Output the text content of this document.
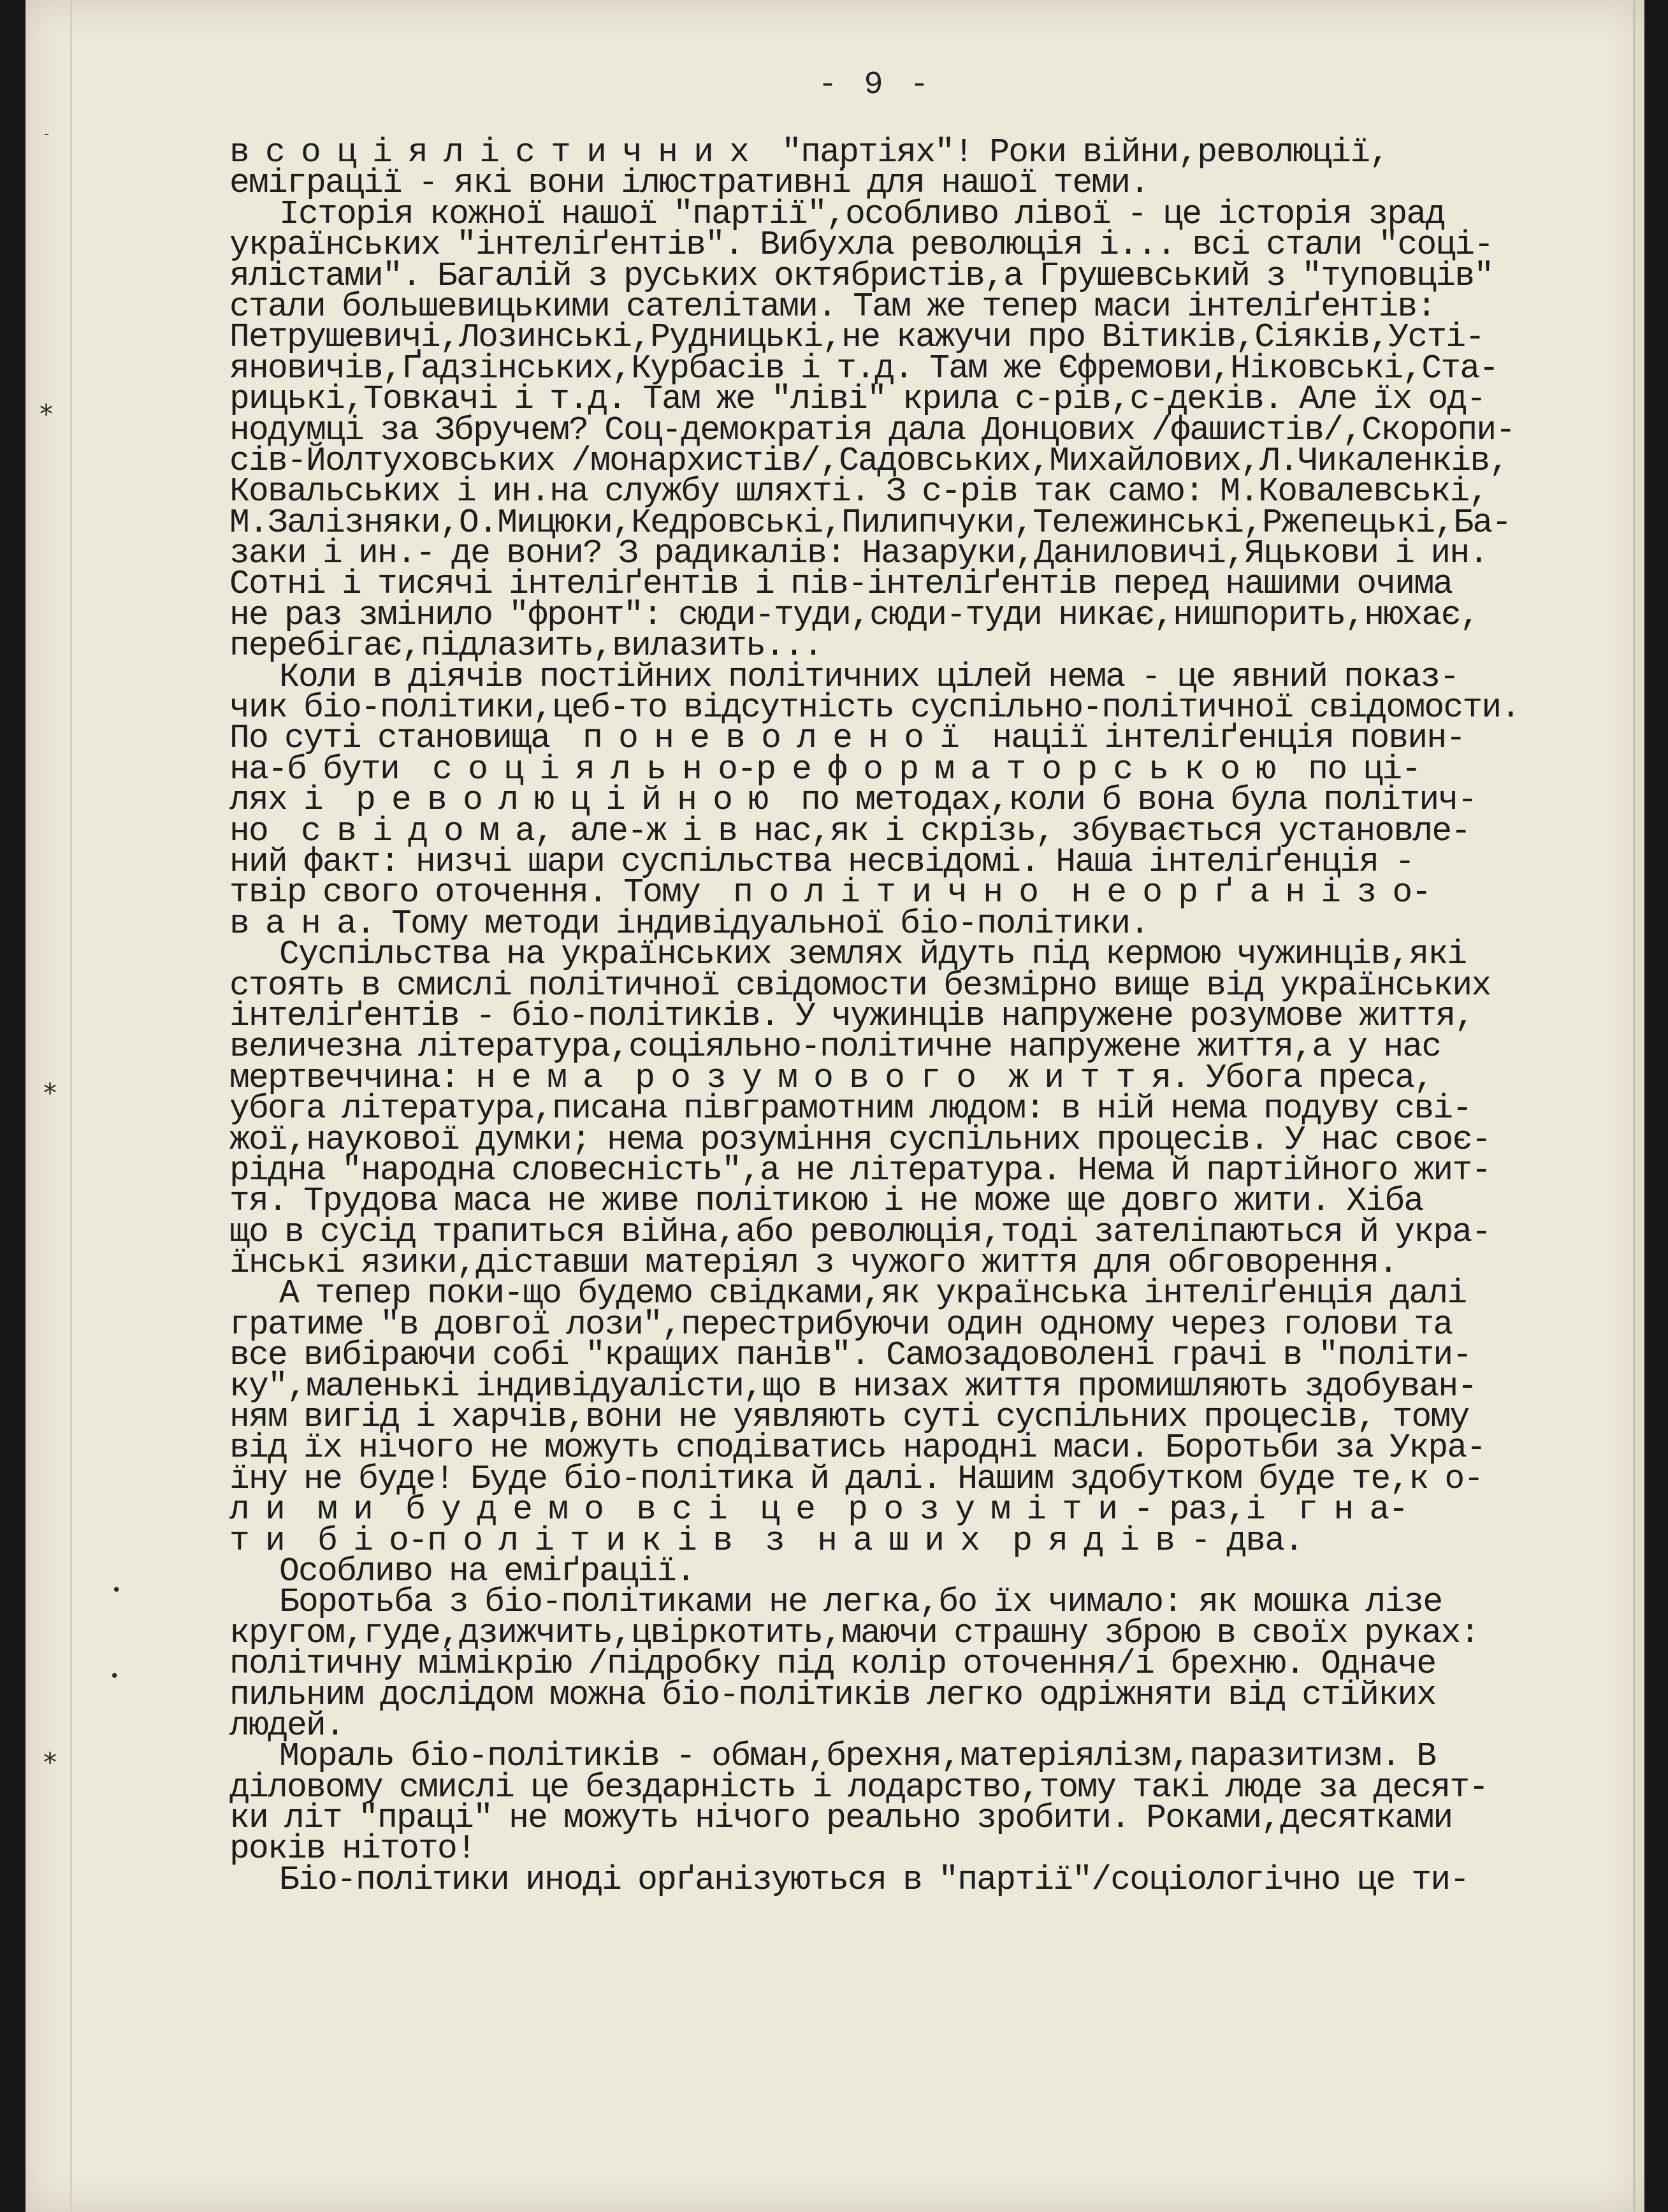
*
*
*
•
•
- 9 -
в с о ц і я л і с т и ч н и х  "партіях"! Роки війни,революції,
еміграції - які вони ілюстративні для нашої теми.
Історія кожної нашої "партії",особливо лівої - це історія зрад
українських "інтеліґентів". Вибухла революція і... всі стали "соці-
ялістами". Багалій з руських октябристів,а Грушевський з "туповців"
стали большевицькими сателітами. Там же тепер маси інтеліґентів:
Петрушевичі,Лозинські,Рудницькі,не кажучи про Вітиків,Сіяків,Усті-
яновичів,Ґадзінських,Курбасів і т.д. Там же Єфремови,Ніковські,Ста-
рицькі,Товкачі і т.д. Там же "ліві" крила с-рів,с-деків. Але їх од-
нодумці за Збручем? Соц-демократія дала Донцових /фашистів/,Скоропи-
сів-Йолтуховських /монархистів/,Садовських,Михайлових,Л.Чикаленків,
Ковальських і ин.на службу шляхті. З с-рів так само: М.Ковалевські,
М.Залізняки,О.Мицюки,Кедровські,Пилипчуки,Тележинські,Ржепецькі,Ба-
заки і ин.- де вони? З радикалів: Назаруки,Даниловичі,Яцькови і ин.
Сотні і тисячі інтеліґентів і пів-інтеліґентів перед нашими очима
не раз змінило "фронт": сюди-туди,сюди-туди никає,нишпорить,нюхає,
перебігає,підлазить,вилазить...
Коли в діячів постійних політичних цілей нема - це явний показ-
чик біо-політики,цеб-то відсутність суспільно-політичної свідомости.
По суті становища  п о н е в о л е н о ї  нації інтеліґенція повин-
на-б бути  с о ц і я л ь н о-р е ф о р м а т о р с ь к о ю  по ці-
лях і  р е в о л ю ц і й н о ю  по методах,коли б вона була політич-
но  с в і д о м а, але-ж і в нас,як і скрізь, збувається установле-
ний факт: низчі шари суспільства несвідомі. Наша інтеліґенція -
твір свого оточення. Тому  п о л і т и ч н о  н е о р ґ а н і з о-
в а н а. Тому методи індивідуальної біо-політики.
Суспільства на українських землях йдуть під кермою чужинців,які
стоять в смислі політичної свідомости безмірно вище від українських
інтеліґентів - біо-політиків. У чужинців напружене розумове життя,
величезна література,соціяльно-політичне напружене життя,а у нас
мертвеччина: н е м а  р о з у м о в о г о  ж и т т я. Убога преса,
убога література,писана півграмотним людом: в ній нема подуву сві-
жої,наукової думки; нема розуміння суспільних процесів. У нас своє-
рідна "народна словесність",а не література. Нема й партійного жит-
тя. Трудова маса не живе політикою і не може ще довго жити. Хіба
що в сусід трапиться війна,або революція,тоді зателіпаються й укра-
їнські язики,діставши матеріял з чужого життя для обговорення.
А тепер поки-що будемо свідками,як українська інтеліґенція далі
гратиме "в довгої лози",перестрибуючи один одному через голови та
все вибіраючи собі "кращих панів". Самозадоволені грачі в "політи-
ку",маленькі індивідуалісти,що в низах життя промишляють здобуван-
ням вигід і харчів,вони не уявляють суті суспільних процесів, тому
від їх нічого не можуть сподіватись народні маси. Боротьби за Укра-
їну не буде! Буде біо-політика й далі. Нашим здобутком буде те,к о-
л и  м и  б у д е м о  в с і  ц е  р о з у м і т и - раз,і  г н а-
т и  б і о-п о л і т и к і в  з  н а ш и х  р я д і в - два.
Особливо на еміґрації.
Боротьба з біо-політиками не легка,бо їх чимало: як мошка лізе
кругом,гуде,дзижчить,цвіркотить,маючи страшну зброю в своїх руках:
політичну мімікрію /підробку під колір оточення/і брехню. Одначе
пильним дослідом можна біо-політиків легко одріжняти від стійких
людей.
Мораль біо-політиків - обман,брехня,матеріялізм,паразитизм. В
діловому смислі це бездарність і лодарство,тому такі люде за десят-
ки літ "праці" не можуть нічого реально зробити. Роками,десятками
років нітото!
Біо-політики иноді орґанізуються в "партії"/соціологічно це ти-
